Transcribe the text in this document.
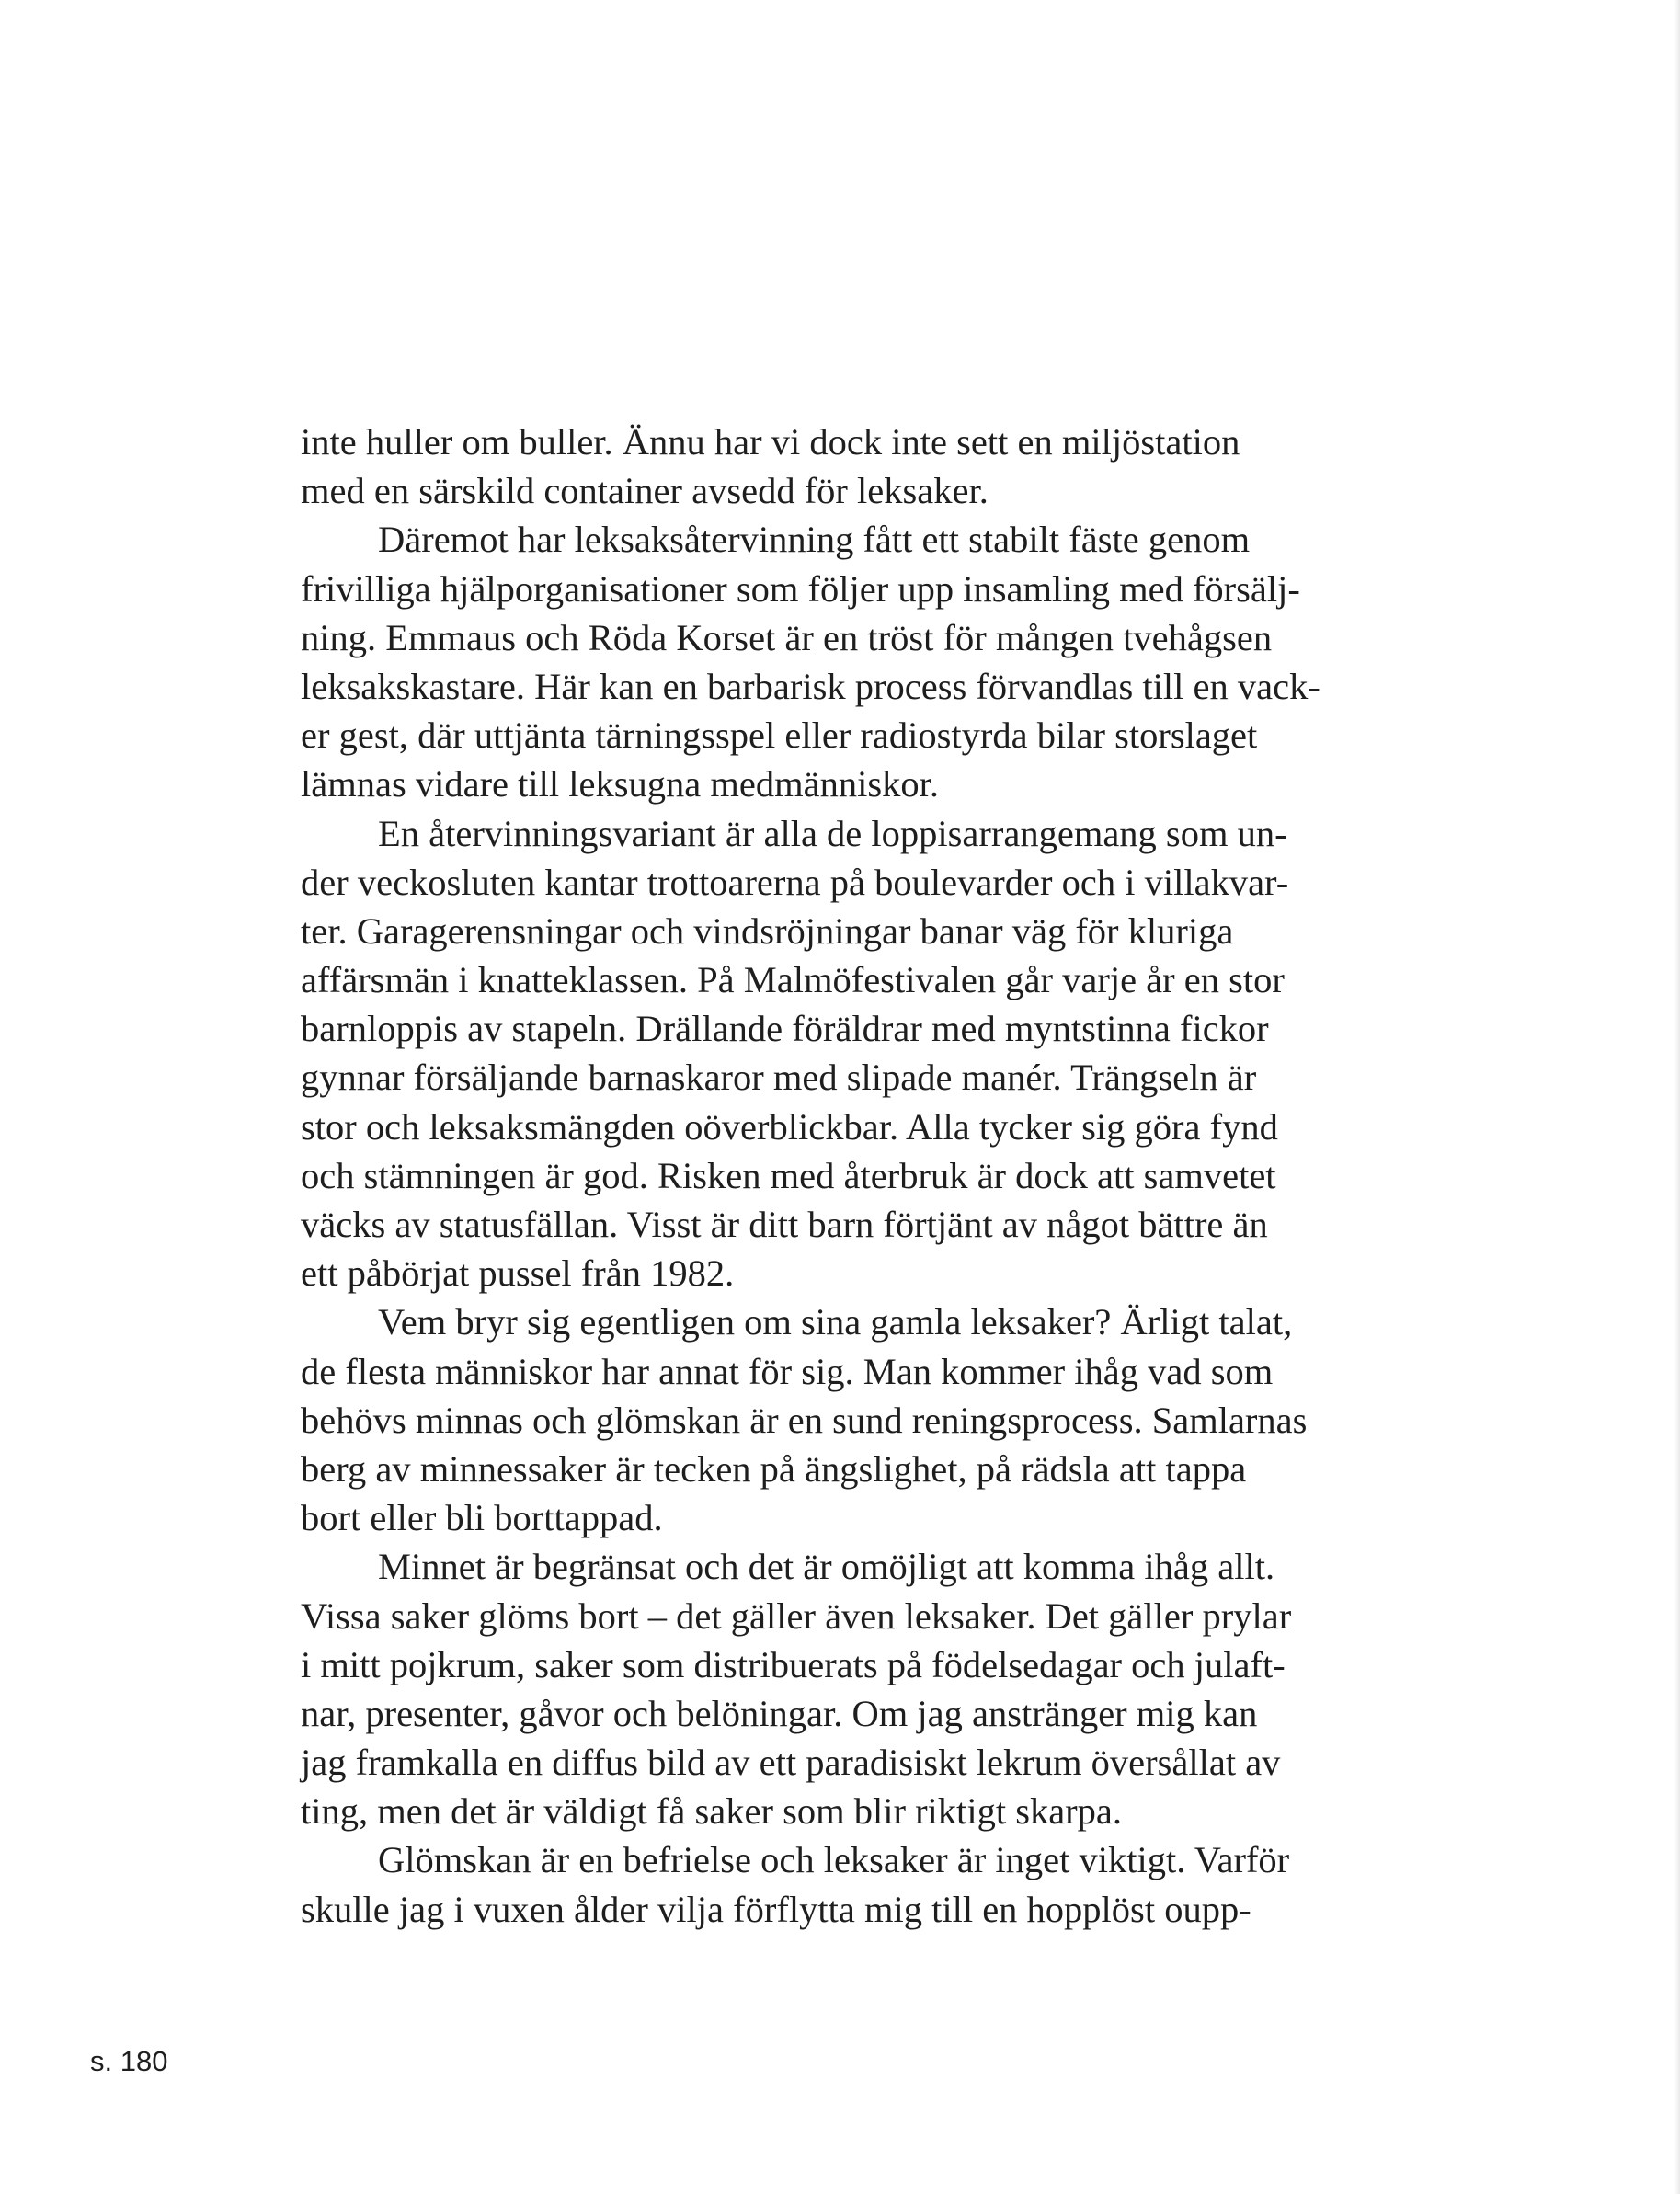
inte huller om buller. Ännu har vi dock inte sett en miljöstation
med en särskild container avsedd för leksaker.
Däremot har leksaksåtervinning fått ett stabilt fäste genom
frivilliga hjälporganisationer som följer upp insamling med försälj-
ning. Emmaus och Röda Korset är en tröst för mången tvehågsen
leksakskastare. Här kan en barbarisk process förvandlas till en vack-
er gest, där uttjänta tärningsspel eller radiostyrda bilar storslaget
lämnas vidare till leksugna medmänniskor.
En återvinningsvariant är alla de loppisarrangemang som un-
der veckosluten kantar trottoarerna på boulevarder och i villakvar-
ter. Garagerensningar och vindsröjningar banar väg för kluriga
affärsmän i knatteklassen. På Malmöfestivalen går varje år en stor
barnloppis av stapeln. Drällande föräldrar med myntstinna fickor
gynnar försäljande barnaskaror med slipade manér. Trängseln är
stor och leksaksmängden oöverblickbar. Alla tycker sig göra fynd
och stämningen är god. Risken med återbruk är dock att samvetet
väcks av statusfällan. Visst är ditt barn förtjänt av något bättre än
ett påbörjat pussel från 1982.
Vem bryr sig egentligen om sina gamla leksaker? Ärligt talat,
de flesta människor har annat för sig. Man kommer ihåg vad som
behövs minnas och glömskan är en sund reningsprocess. Samlarnas
berg av minnessaker är tecken på ängslighet, på rädsla att tappa
bort eller bli borttappad.
Minnet är begränsat och det är omöjligt att komma ihåg allt.
Vissa saker glöms bort – det gäller även leksaker. Det gäller prylar
i mitt pojkrum, saker som distribuerats på födelsedagar och julaft-
nar, presenter, gåvor och belöningar. Om jag anstränger mig kan
jag framkalla en diffus bild av ett paradisiskt lekrum översållat av
ting, men det är väldigt få saker som blir riktigt skarpa.
Glömskan är en befrielse och leksaker är inget viktigt. Varför
skulle jag i vuxen ålder vilja förflytta mig till en hopplöst oupp-
s. 180
